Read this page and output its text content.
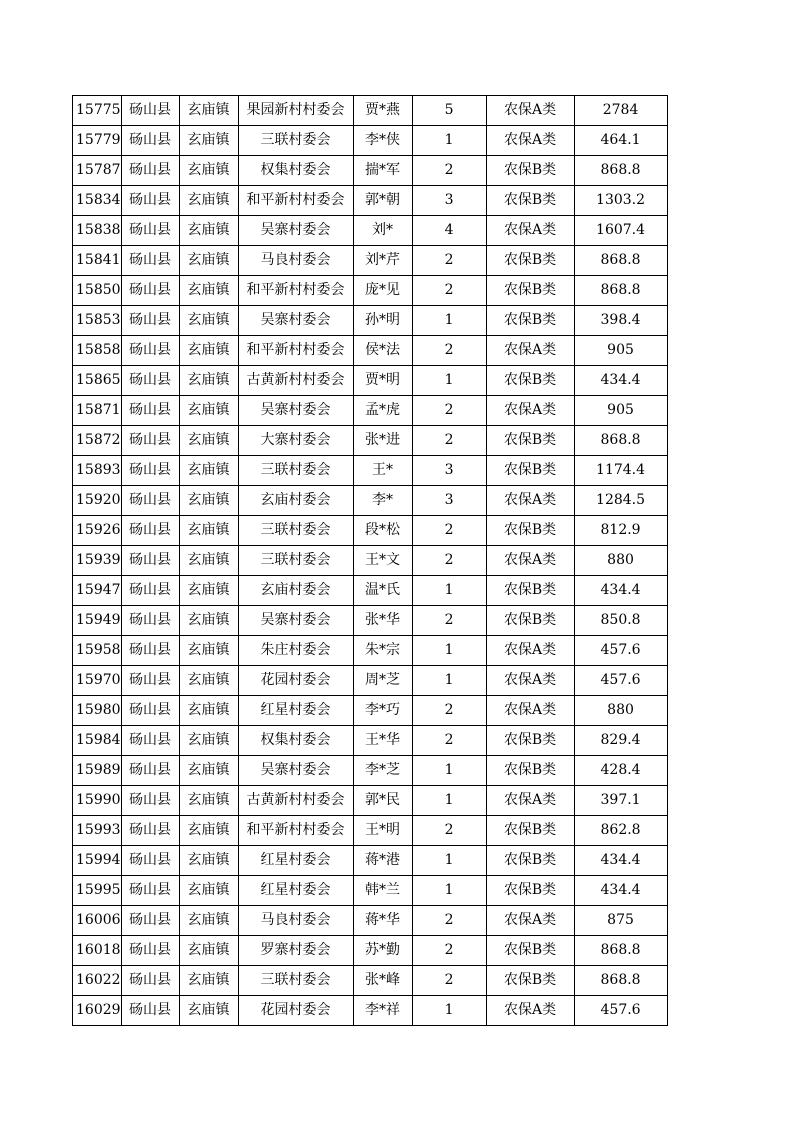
15775	砀山县	玄庙镇	果园新村村委会	贾*燕	5	农保A类	2784
15779	砀山县	玄庙镇	三联村委会	李*侠	1	农保A类	464.1
15787	砀山县	玄庙镇	权集村委会	揣*军	2	农保B类	868.8
15834	砀山县	玄庙镇	和平新村村委会	郭*朝	3	农保B类	1303.2
15838	砀山县	玄庙镇	吴寨村委会	刘*	4	农保A类	1607.4
15841	砀山县	玄庙镇	马良村委会	刘*芹	2	农保B类	868.8
15850	砀山县	玄庙镇	和平新村村委会	庞*见	2	农保B类	868.8
15853	砀山县	玄庙镇	吴寨村委会	孙*明	1	农保B类	398.4
15858	砀山县	玄庙镇	和平新村村委会	侯*法	2	农保A类	905
15865	砀山县	玄庙镇	古黄新村村委会	贾*明	1	农保B类	434.4
15871	砀山县	玄庙镇	吴寨村委会	孟*虎	2	农保A类	905
15872	砀山县	玄庙镇	大寨村委会	张*进	2	农保B类	868.8
15893	砀山县	玄庙镇	三联村委会	王*	3	农保B类	1174.4
15920	砀山县	玄庙镇	玄庙村委会	李*	3	农保A类	1284.5
15926	砀山县	玄庙镇	三联村委会	段*松	2	农保B类	812.9
15939	砀山县	玄庙镇	三联村委会	王*文	2	农保A类	880
15947	砀山县	玄庙镇	玄庙村委会	温*氏	1	农保B类	434.4
15949	砀山县	玄庙镇	吴寨村委会	张*华	2	农保B类	850.8
15958	砀山县	玄庙镇	朱庄村委会	朱*宗	1	农保A类	457.6
15970	砀山县	玄庙镇	花园村委会	周*芝	1	农保A类	457.6
15980	砀山县	玄庙镇	红星村委会	李*巧	2	农保A类	880
15984	砀山县	玄庙镇	权集村委会	王*华	2	农保B类	829.4
15989	砀山县	玄庙镇	吴寨村委会	李*芝	1	农保B类	428.4
15990	砀山县	玄庙镇	古黄新村村委会	郭*民	1	农保A类	397.1
15993	砀山县	玄庙镇	和平新村村委会	王*明	2	农保B类	862.8
15994	砀山县	玄庙镇	红星村委会	蒋*港	1	农保B类	434.4
15995	砀山县	玄庙镇	红星村委会	韩*兰	1	农保B类	434.4
16006	砀山县	玄庙镇	马良村委会	蒋*华	2	农保A类	875
16018	砀山县	玄庙镇	罗寨村委会	苏*勤	2	农保B类	868.8
16022	砀山县	玄庙镇	三联村委会	张*峰	2	农保B类	868.8
16029	砀山县	玄庙镇	花园村委会	李*祥	1	农保A类	457.6
